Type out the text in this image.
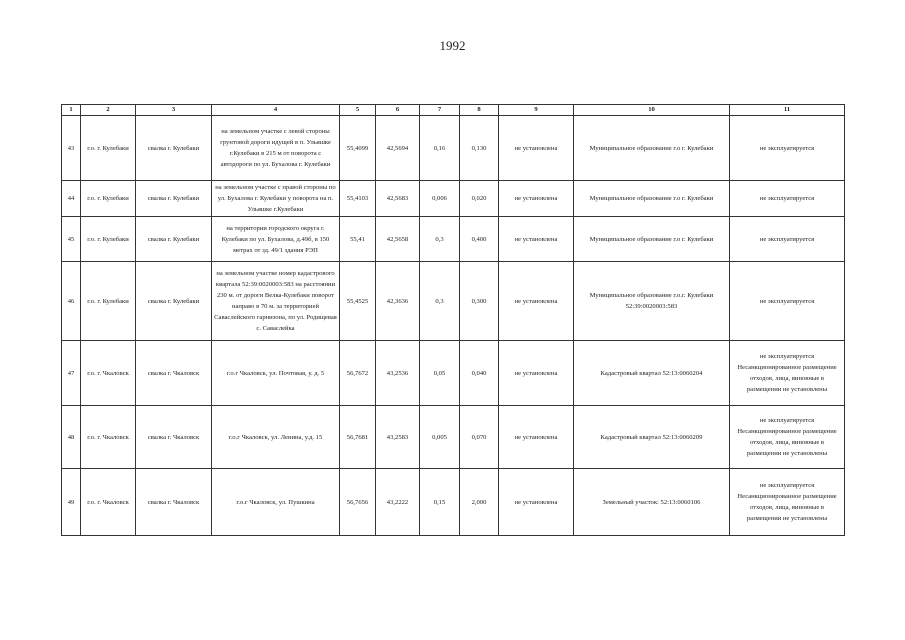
1992
1	2	3	4	5	6	7	8	9	10	11
43	г.о. г. Кулебаки	свалка г. Кулебаки	на земельном участке с левой стороны грунтовой дороги идущей в п. Ульяшке г.Кулебаки в 215 м от поворота с автодороги по ул. Бухалова г. Кулебаки	55,4099	42,5694	0,16	0,130	не установлена	Муниципальное образование г.о г. Кулебаки	не эксплуатируется
44	г.о. г. Кулебаки	свалка г. Кулебаки	на земельном участке с правой стороны по ул. Бухалова г. Кулебаки у поворота на п. Ульяшке г.Кулебаки	55,4103	42,5683	0,006	0,020	не установлена	Муниципальное образование г.о г. Кулебаки	не эксплуатируется
45	г.о. г. Кулебаки	свалка г. Кулебаки	на территории городского округа г. Кулебаки по ул. Бухалова, д.49б, в 150 метрах от зд. 49/1 здания РЭП	55,41	42,5658	0,3	0,400	не установлена	Муниципальное образование г.о г. Кулебаки	не эксплуатируется
46	г.о. г. Кулебаки	свалка г. Кулебаки	на земельном участке номер кадастрового квартала 52:39:0020003:583 на расстоянии 230 м. от дороги Велка-Кулебаки поворот направо в 70 м. за территорией Саваслейского гарнизона, по ул. Родищевая с. Саваслейка	55,4525	42,3636	0,3	0,300	не установлена	Муниципальное образование г.о.г. Кулебаки 52:39:0020003:583	не эксплуатируется
47	г.о. г. Чкаловск	свалка г. Чкаловск	г.о.г Чкаловск, ул. Почтовая, у. д. 5	56,7672	43,2536	0,05	0,040	не установлена	Кадастровый квартал 52:13:0060204	не эксплуатируется Несанкционированное размещение отходов, лица, виновные в размещении не установлены
48	г.о. г. Чкаловск	свалка г. Чкаловск	г.о.г Чкаловск, ул. Ленина, у.д. 15	56,7681	43,2583	0,005	0,070	не установлена	Кадастровый квартал 52:13:0060209	не эксплуатируется Несанкционированное размещение отходов, лица, виновные в размещении не установлены
49	г.о. г. Чкаловск	свалка г. Чкаловск	г.о.г Чкаловск, ул. Пушкина	56,7656	43,2222	0,15	2,000	не установлена	Земельный участок: 52:13:0060106	не эксплуатируется Несанкционированное размещение отходов, лица, виновные в размещении не установлены
